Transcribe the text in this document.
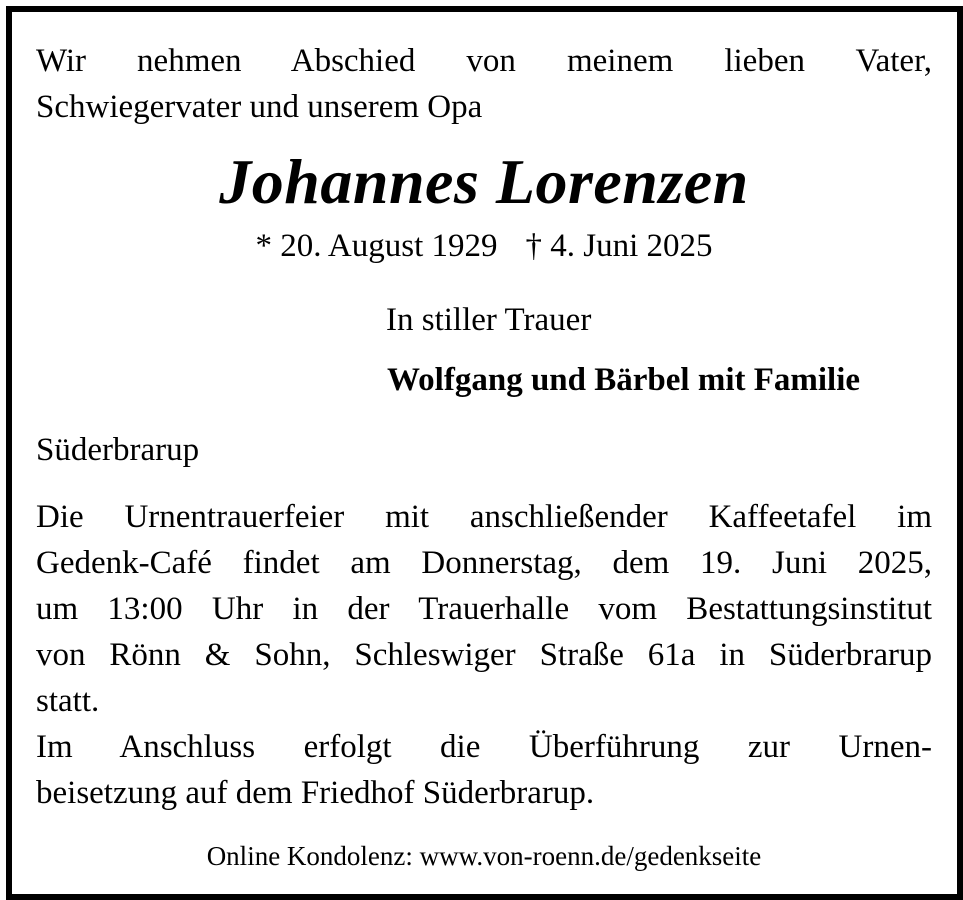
Wir nehmen Abschied von meinem lieben Vater,
Schwiegervater und unserem Opa

Johannes Lorenzen

* 20. August 1929 † 4. Juni 2025

In stiller Trauer

Wolfgang und Bärbel mit Familie

Süderbrarup

Die Urnentrauerfeier mit anschließender Kaffeetafel im
Gedenk-Café findet am Donnerstag, dem 19. Juni 2025,
um 13:00 Uhr in der Trauerhalle vom Bestattungsinstitut
von Rönn & Sohn, Schleswiger Straße 61a in Süderbrarup
statt.
Im Anschluss erfolgt die Überführung zur Urnen-
beisetzung auf dem Friedhof Süderbrarup.

Online Kondolenz: www.von-roenn.de/gedenkseite
